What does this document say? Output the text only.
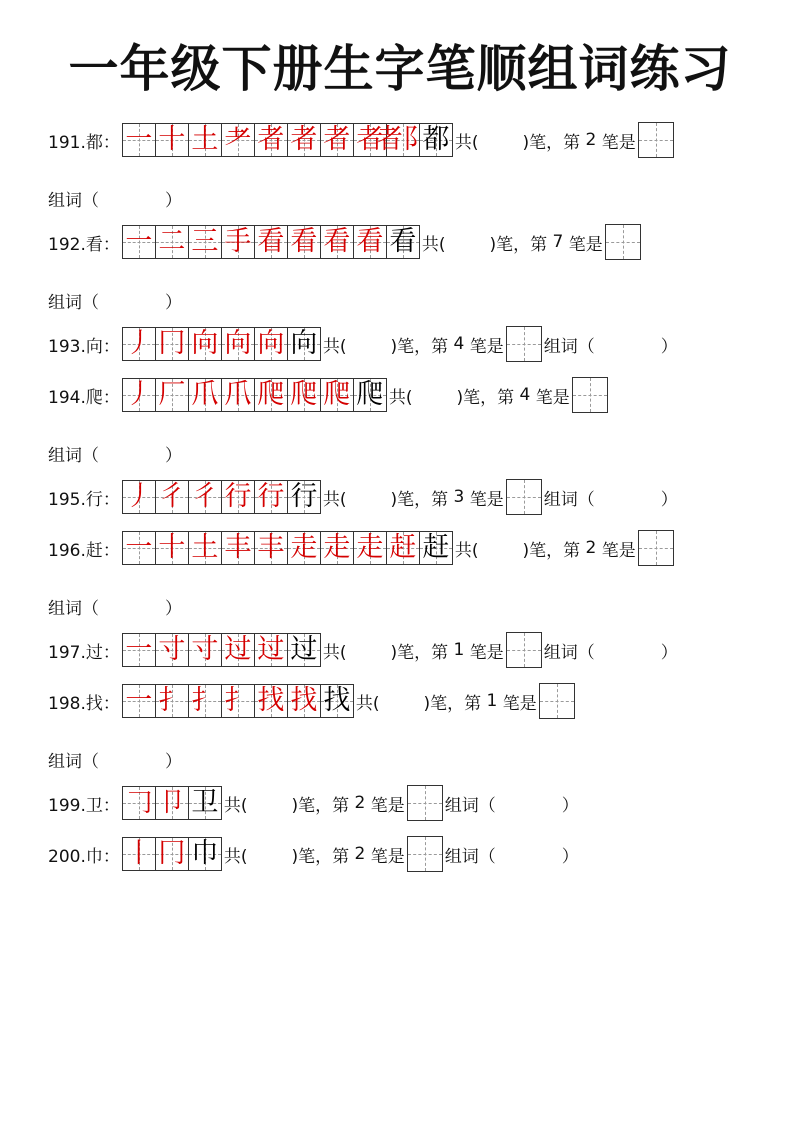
一年级下册生字笔顺组词练习
191.都： 一 十 土 耂 者 者 者 者
者阝
都 共(	)笔，第 2 笔是
组词（	）
192.看： 一 二 三 手 看 看 看 看 看 共(	)笔，第 7 笔是
组词（	）
193.向： 丿 冂 向 向 向 向 共(	)笔，第 4 笔是 组词（	）
194.爬： 丿 厂 爪 爪 爬 爬 爬 爬 共(	)笔，第 4 笔是
组词（	）
195.行： 丿 彳 彳 行 行 行 共(	)笔，第 3 笔是 组词（	）
196.赶： 一 十 土 丰 丰 走 走 走 赶 赶 共(	)笔，第 2 笔是
组词（	）
197.过： 一 寸 寸 过 过 过 共(	)笔，第 1 笔是 组词（	）
198.找： 一 扌 扌 扌 找 找 找 共(	)笔，第 1 笔是
组词（	）
199.卫： 𠃌 卩 卫 共(	)笔，第 2 笔是 组词（	）
200.巾： 丨 冂 巾 共(	)笔，第 2 笔是 组词（	）
